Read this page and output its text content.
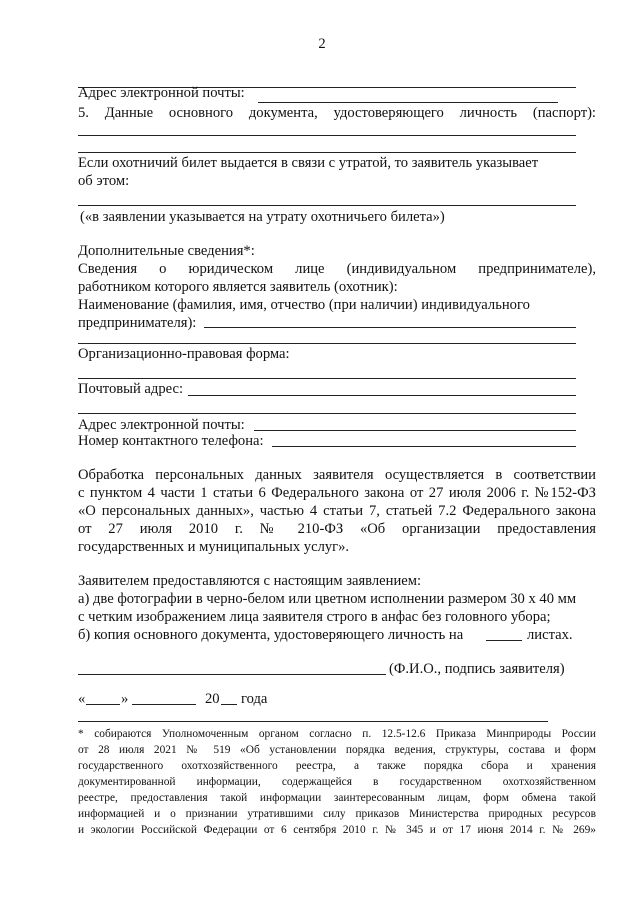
2
Адрес электронной почты:
5. Данные основного документа, удостоверяющего личность (паспорт):
Если охотничий билет выдается в связи с утратой, то заявитель указывает
об этом:
(«в заявлении указывается на утрату охотничьего билета»)
Дополнительные сведения*:
Сведения о юридическом лице (индивидуальном предпринимателе),
работником которого является заявитель (охотник):
Наименование (фамилия, имя, отчество (при наличии) индивидуального
предпринимателя):
Организационно-правовая форма:
Почтовый адрес:
Адрес электронной почты:
Номер контактного телефона:
Обработка персональных данных заявителя осуществляется в соответствии
с пунктом 4 части 1 статьи 6 Федерального закона от 27 июля 2006 г. №152-ФЗ
«О персональных данных», частью 4 статьи 7, статьей 7.2 Федерального закона
от 27 июля 2010 г. № 210-ФЗ «Об организации предоставления
государственных и муниципальных услуг».
Заявителем предоставляются с настоящим заявлением:
а) две фотографии в черно-белом или цветном исполнении размером 30 х 40 мм
с четким изображением лица заявителя строго в анфас без головного убора;
б) копия основного документа, удостоверяющего личность на	листах.
(Ф.И.О., подпись заявителя)
« »	20 года
* собираются Уполномоченным органом согласно п. 12.5-12.6 Приказа Минприроды России
от 28 июля 2021 № 519 «Об установлении порядка ведения, структуры, состава и форм
государственного охотхозяйственного реестра, а также порядка сбора и хранения
документированной информации, содержащейся в государственном охотхозяйственном
реестре, предоставления такой информации заинтересованным лицам, форм обмена такой
информацией и о признании утратившими силу приказов Министерства природных ресурсов
и экологии Российской Федерации от 6 сентября 2010 г. № 345 и от 17 июня 2014 г. № 269»
